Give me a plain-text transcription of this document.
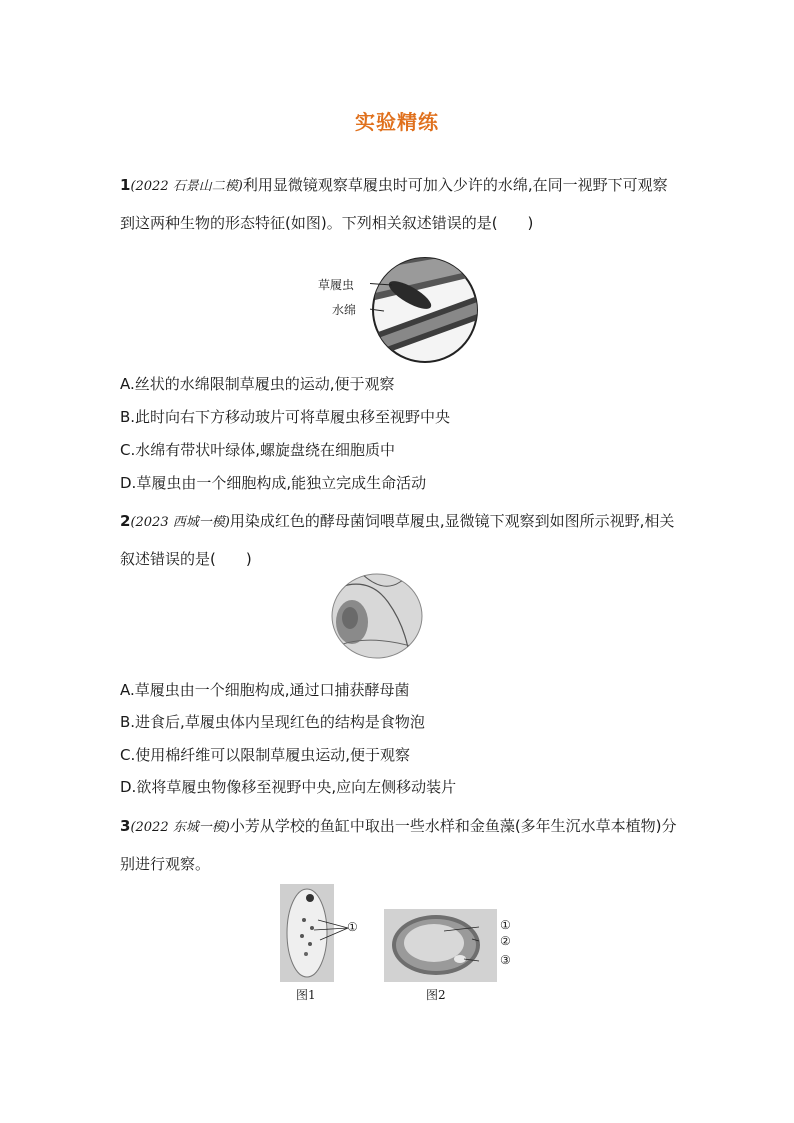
实验精练
1(2022 石景山二模)利用显微镜观察草履虫时可加入少许的水绵,在同一视野下可观察到这两种生物的形态特征(如图)。下列相关叙述错误的是(　　)
草履虫
水绵
A.丝状的水绵限制草履虫的运动,便于观察
B.此时向右下方移动玻片可将草履虫移至视野中央
C.水绵有带状叶绿体,螺旋盘绕在细胞质中
D.草履虫由一个细胞构成,能独立完成生命活动
2(2023 西城一模)用染成红色的酵母菌饲喂草履虫,显微镜下观察到如图所示视野,相关叙述错误的是(　　)
A.草履虫由一个细胞构成,通过口捕获酵母菌
B.进食后,草履虫体内呈现红色的结构是食物泡
C.使用棉纤维可以限制草履虫运动,便于观察
D.欲将草履虫物像移至视野中央,应向左侧移动装片
3(2022 东城一模)小芳从学校的鱼缸中取出一些水样和金鱼藻(多年生沉水草本植物)分别进行观察。
①
图1
①
②
③
图2
